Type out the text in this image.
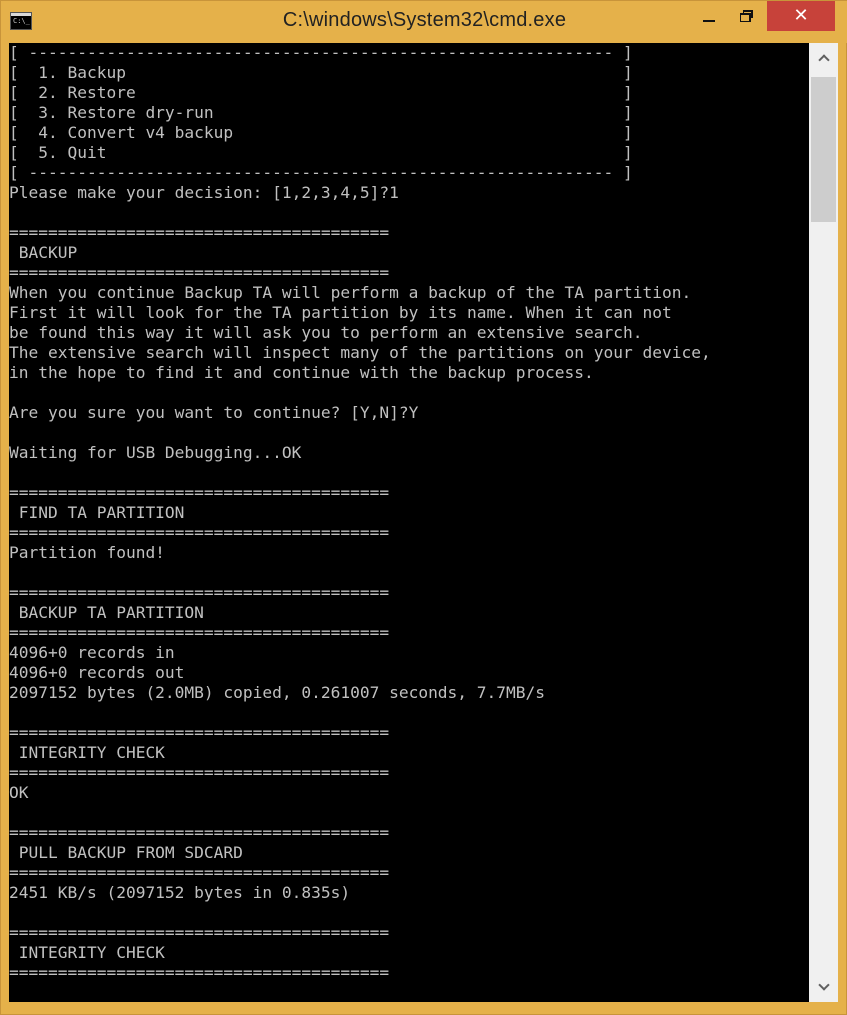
C:\_
C:\windows\System32\cmd.exe	✕
[ ------------------------------------------------------------ ]
[  1. Backup                                                   ]
[  2. Restore                                                  ]
[  3. Restore dry-run                                          ]
[  4. Convert v4 backup                                        ]
[  5. Quit                                                     ]
[ ------------------------------------------------------------ ]
Please make your decision: [1,2,3,4,5]?1

=======================================
BACKUP
=======================================
When you continue Backup TA will perform a backup of the TA partition.
First it will look for the TA partition by its name. When it can not
be found this way it will ask you to perform an extensive search.
The extensive search will inspect many of the partitions on your device,
in the hope to find it and continue with the backup process.

Are you sure you want to continue? [Y,N]?Y

Waiting for USB Debugging...OK

=======================================
FIND TA PARTITION
=======================================
Partition found!

=======================================
BACKUP TA PARTITION
=======================================
4096+0 records in
4096+0 records out
2097152 bytes (2.0MB) copied, 0.261007 seconds, 7.7MB/s

=======================================
INTEGRITY CHECK
=======================================
OK

=======================================
PULL BACKUP FROM SDCARD
=======================================
2451 KB/s (2097152 bytes in 0.835s)

=======================================
INTEGRITY CHECK
=======================================
